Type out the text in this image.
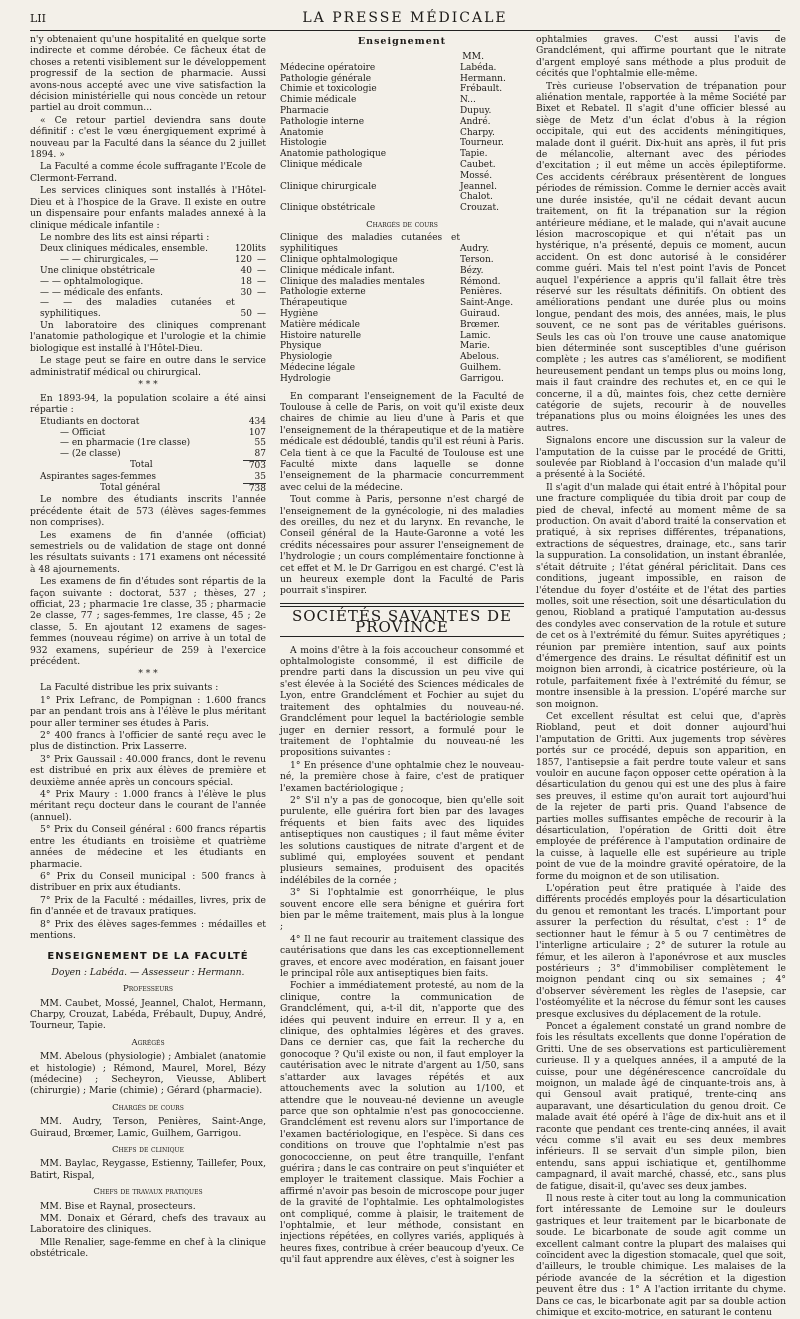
LII	LA PRESSE MÉDICALE

n'y obtenaient qu'une hospitalité en quelque sorte indirecte et comme dérobée. Ce fâcheux état de choses a retenti visiblement sur le développement progressif de la section de pharmacie. Aussi avons-nous accepté avec une vive satisfaction la décision ministérielle qui nous concède un retour partiel au droit commun...

« Ce retour partiel deviendra sans doute définitif : c'est le vœu énergiquement exprimé à nouveau par la Faculté dans la séance du 2 juillet 1894. »

La Faculté a comme école suffragante l'Ecole de Clermont-Ferrand.

Les services cliniques sont installés à l'Hôtel-Dieu et à l'hospice de la Grave. Il existe en outre un dispensaire pour enfants malades annexé à la clinique médicale infantile :

Le nombre des lits est ainsi réparti :

Deux cliniques médicales, ensemble.	120	lits
— — chirurgicales, —	120	—
Une clinique obstétricale	40	—
— — ophtalmologique.	18	—
— — médicale des enfants.	30	—
— — des maladies cutanées et syphilitiques.	50	—

Un laboratoire des cliniques comprenant l'anatomie pathologique et l'urologie et la chimie biologique est installé à l'Hôtel-Dieu.

Le stage peut se faire en outre dans le service administratif médical ou chirurgical.

* * *

En 1893-94, la population scolaire a été ainsi répartie :

Etudiants en doctorat	434
— Officiat	107
— en pharmacie (1re classe)	55
— (2e classe)	87
Total	703
Aspirantes sages-femmes	35
Total général	738

Le nombre des étudiants inscrits l'année précédente était de 573 (élèves sages-femmes non comprises).

Les examens de fin d'année (officiat) semestriels ou de validation de stage ont donné les résultats suivants : 171 examens ont nécessité à 48 ajournements.

Les examens de fin d'études sont répartis de la façon suivante : doctorat, 537 ; thèses, 27 ; officiat, 23 ; pharmacie 1re classe, 35 ; pharmacie 2e classe, 77 ; sages-femmes, 1re classe, 45 ; 2e classe, 5. En ajoutant 12 examens de sages-femmes (nouveau régime) on arrive à un total de 932 examens, supérieur de 259 à l'exercice précédent.

* * *

La Faculté distribue les prix suivants :

1° Prix Lefranc, de Pompignan : 1.600 francs par an pendant trois ans à l'élève le plus méritant pour aller terminer ses études à Paris.

2° 400 francs à l'officier de santé reçu avec le plus de distinction. Prix Lasserre.

3° Prix Gaussail : 40.000 francs, dont le revenu est distribué en prix aux élèves de première et deuxième année après un concours spécial.

4° Prix Maury : 1.000 francs à l'élève le plus méritant reçu docteur dans le courant de l'année (annuel).

5° Prix du Conseil général : 600 francs répartis entre les étudiants en troisième et quatrième années de médecine et les étudiants en pharmacie.

6° Prix du Conseil municipal : 500 francs à distribuer en prix aux étudiants.

7° Prix de la Faculté : médailles, livres, prix de fin d'année et de travaux pratiques.

8° Prix des élèves sages-femmes : médailles et mentions.

ENSEIGNEMENT DE LA FACULTÉ

Doyen : Labéda. — Assesseur : Hermann.

Professeurs

MM. Caubet, Mossé, Jeannel, Chalot, Hermann, Charpy, Crouzat, Labéda, Frébault, Dupuy, André, Tourneur, Tapie.

Agrégés

MM. Abelous (physiologie) ; Ambialet (anatomie et histologie) ; Rémond, Maurel, Morel, Bézy (médecine) ; Secheyron, Vieusse, Ablibert (chirurgie) ; Marie (chimie) ; Gérard (pharmacie).

Chargés de cours

MM. Audry, Terson, Penières, Saint-Ange, Guiraud, Brœmer, Lamic, Guilhem, Garrigou.

Chefs de clinique

MM. Baylac, Reygasse, Estienny, Taillefer, Poux, Batirt, Rispal,

Chefs de travaux pratiques

MM. Bise et Raynal, prosecteurs.

MM. Donaix et Gérard, chefs des travaux au Laboratoire des cliniques.

Mlle Renalier, sage-femme en chef à la clinique obstétricale.

Enseignement
MM.
Médecine opératoire	Labéda.
Pathologie générale	Hermann.
Chimie et toxicologie	Frébault.
Chimie médicale	N...
Pharmacie	Dupuy.
Pathologie interne	André.
Anatomie	Charpy.
Histologie	Tourneur.
Anatomie pathologique	Tapie.
Clinique médicale	Caubet. Mossé.
Clinique chirurgicale	Jeannel. Chalot.
Clinique obstétricale	Crouzat.
Chargés de cours
Clinique des maladies cutanées et syphilitiques	Audry.
Clinique ophtalmologique	Terson.
Clinique médicale infant.	Bézy.
Clinique des maladies mentales	Rémond.
Pathologie externe	Penières.
Thérapeutique	Saint-Ange.
Hygiène	Guiraud.
Matière médicale	Brœmer.
Histoire naturelle	Lamic.
Physique	Marie.
Physiologie	Abelous.
Médecine légale	Guilhem.
Hydrologie	Garrigou.

En comparant l'enseignement de la Faculté de Toulouse à celle de Paris, on voit qu'il existe deux chaires de chimie au lieu d'une à Paris et que l'enseignement de la thérapeutique et de la matière médicale est dédoublé, tandis qu'il est réuni à Paris. Cela tient à ce que la Faculté de Toulouse est une Faculté mixte dans laquelle se donne l'enseignement de la pharmacie concurremment avec celui de la médecine.

Tout comme à Paris, personne n'est chargé de l'enseignement de la gynécologie, ni des maladies des oreilles, du nez et du larynx. En revanche, le Conseil général de la Haute-Garonne a voté les crédits nécessaires pour assurer l'enseignement de l'hydrologie ; un cours complémentaire fonctionne à cet effet et M. le Dr Garrigou en est chargé. C'est là un heureux exemple dont la Faculté de Paris pourrait s'inspirer.

SOCIÉTÉS SAVANTES DE PROVINCE

A moins d'être à la fois accoucheur consommé et ophtalmologiste consommé, il est difficile de prendre parti dans la discussion un peu vive qui s'est élevée à la Société des Sciences médicales de Lyon, entre Grandclément et Fochier au sujet du traitement des ophtalmies du nouveau-né. Grandclément pour lequel la bactériologie semble juger en dernier ressort, a formulé pour le traitement de l'ophtalmie du nouveau-né les propositions suivantes :

1° En présence d'une ophtalmie chez le nouveau-né, la première chose à faire, c'est de pratiquer l'examen bactériologique ;

2° S'il n'y a pas de gonocoque, bien qu'elle soit purulente, elle guérira fort bien par des lavages fréquents et bien faits avec des liquides antiseptiques non caustiques ; il faut même éviter les solutions caustiques de nitrate d'argent et de sublimé qui, employées souvent et pendant plusieurs semaines, produisent des opacités indélébiles de la cornée ;

3° Si l'ophtalmie est gonorrhéique, le plus souvent encore elle sera bénigne et guérira fort bien par le même traitement, mais plus à la longue ;

4° Il ne faut recourir au traitement classique des cautérisations que dans les cas exceptionnellement graves, et encore avec modération, en faisant jouer le principal rôle aux antiseptiques bien faits.

Fochier a immédiatement protesté, au nom de la clinique, contre la communication de Grandclément, qui, a-t-il dit, n'apporte que des idées qui peuvent induire en erreur. Il y a, en clinique, des ophtalmies légères et des graves. Dans ce dernier cas, que fait la recherche du gonocoque ? Qu'il existe ou non, il faut employer la cautérisation avec le nitrate d'argent au 1/50, sans s'attarder aux lavages répétés et aux attouchements avec la solution au 1/100, et attendre que le nouveau-né devienne un aveugle parce que son ophtalmie n'est pas gonococcienne. Grandclément est revenu alors sur l'importance de l'examen bactériologique, en l'espèce. Si dans ces conditions on trouve que l'ophtalmie n'est pas gonococcienne, on peut être tranquille, l'enfant guérira ; dans le cas contraire on peut s'inquiéter et employer le traitement classique. Mais Fochier a affirmé n'avoir pas besoin de microscope pour juger de la gravité de l'ophtalmie. Les ophtalmologistes ont compliqué, comme à plaisir, le traitement de l'ophtalmie, et leur méthode, consistant en injections répétées, en collyres variés, appliqués à heures fixes, contribue à créer beaucoup d'yeux. Ce qu'il faut apprendre aux élèves, c'est à soigner les

ophtalmies graves. C'est aussi l'avis de Grandclément, qui affirme pourtant que le nitrate d'argent employé sans méthode a plus produit de cécités que l'ophtalmie elle-même.

Très curieuse l'observation de trépanation pour aliénation mentale, rapportée à la même Société par Bixet et Rebatel. Il s'agit d'une officier blessé au siège de Metz d'un éclat d'obus à la région occipitale, qui eut des accidents méningitiques, malade dont il guérit. Dix-huit ans après, il fut pris de mélancolie, alternant avec des périodes d'excitation ; il eut même un accès épileptiforme. Ces accidents cérébraux présentèrent de longues périodes de rémission. Comme le dernier accès avait une durée insistée, qu'il ne cédait devant aucun traitement, on fit la trépanation sur la région antérieure médiane, et le malade, qui n'avait aucune lésion macroscopique et qui n'était pas un hystérique, n'a présenté, depuis ce moment, aucun accident. On est donc autorisé à le considérer comme guéri. Mais tel n'est point l'avis de Poncet auquel l'expérience a appris qu'il fallait être très réservé sur les résultats définitifs. On obtient des améliorations pendant une durée plus ou moins longue, pendant des mois, des années, mais, le plus souvent, ce ne sont pas de véritables guérisons. Seuls les cas où l'on trouve une cause anatomique bien déterminée sont susceptibles d'une guérison complète ; les autres cas s'améliorent, se modifient heureusement pendant un temps plus ou moins long, mais il faut craindre des rechutes et, en ce qui le concerne, il a dû, maintes fois, chez cette dernière catégorie de sujets, recourir à de nouvelles trépanations plus ou moins éloignées les unes des autres.

Signalons encore une discussion sur la valeur de l'amputation de la cuisse par le procédé de Gritti, soulevée par Riobland à l'occasion d'un malade qu'il a présenté à la Société.

Il s'agit d'un malade qui était entré à l'hôpital pour une fracture compliquée du tibia droit par coup de pied de cheval, infecté au moment même de sa production. On avait d'abord traité la conservation et pratiqué, à six reprises différentes, trépanations, extractions de séquestres, drainage, etc., sans tarir la suppuration. La consolidation, un instant ébranlée, s'était détruite ; l'état général périclitait. Dans ces conditions, jugeant impossible, en raison de l'étendue du foyer d'ostéite et de l'état des parties molles, soit une résection, soit une désarticulation du genou, Riobland a pratiqué l'amputation au-dessus des condyles avec conservation de la rotule et suture de cet os à l'extrémité du fémur. Suites apyrétiques ; réunion par première intention, sauf aux points d'émergence des drains. Le résultat définitif est un moignon bien arrondi, à cicatrice postérieure, où la rotule, parfaitement fixée à l'extrémité du fémur, se montre insensible à la pression. L'opéré marche sur son moignon.

Cet excellent résultat est celui que, d'après Riobland, peut et doit donner aujourd'hui l'amputation de Gritti. Aux jugements trop sévères portés sur ce procédé, depuis son apparition, en 1857, l'antisepsie a fait perdre toute valeur et sans vouloir en aucune façon opposer cette opération à la désarticulation du genou qui est une des plus à faire ses preuves, il estime qu'on aurait tort aujourd'hui de la rejeter de parti pris. Quand l'absence de parties molles suffisantes empêche de recourir à la désarticulation, l'opération de Gritti doit être employée de préférence à l'amputation ordinaire de la cuisse, à laquelle elle est supérieure au triple point de vue de la moindre gravité opératoire, de la forme du moignon et de son utilisation.

L'opération peut être pratiquée à l'aide des différents procédés employés pour la désarticulation du genou et remontant les tracés. L'important pour assurer la perfection du résultat, c'est : 1° de sectionner haut le fémur à 5 ou 7 centimètres de l'interligne articulaire ; 2° de suturer la rotule au fémur, et les aileron à l'aponévrose et aux muscles postérieurs ; 3° d'immobiliser complètement le moignon pendant cinq ou six semaines ; 4° d'observer sévèrement les règles de l'asepsie, car l'ostéomyélite et la nécrose du fémur sont les causes presque exclusives du déplacement de la rotule.

Poncet a également constaté un grand nombre de fois les résultats excellents que donne l'opération de Gritti. Une de ses observations est particulièrement curieuse. Il y a quelques années, il a amputé de la cuisse, pour une dégénérescence cancroïdale du moignon, un malade âgé de cinquante-trois ans, à qui Gensoul avait pratiqué, trente-cinq ans auparavant, une désarticulation du genou droit. Ce malade avait été opéré à l'âge de dix-huit ans et il raconte que pendant ces trente-cinq années, il avait vécu comme s'il avait eu ses deux membres inférieurs. Il se servait d'un simple pilon, bien entendu, sans appui ischiatique et, gentilhomme campagnard, il avait marché, chassé, etc., sans plus de fatigue, disait-il, qu'avec ses deux jambes.

Il nous reste à citer tout au long la communication fort intéressante de Lemoine sur le douleurs gastriques et leur traitement par le bicarbonate de soude. Le bicarbonate de soude agit comme un excellent calmant contre la plupart des malaises qui coïncident avec la digestion stomacale, quel que soit, d'ailleurs, le trouble chimique. Les malaises de la période avancée de la sécrétion et la digestion peuvent être dus : 1° A l'action irritante du chyme. Dans ce cas, le bicarbonate agit par sa double action chimique et excito-motrice, en saturant le contenu
